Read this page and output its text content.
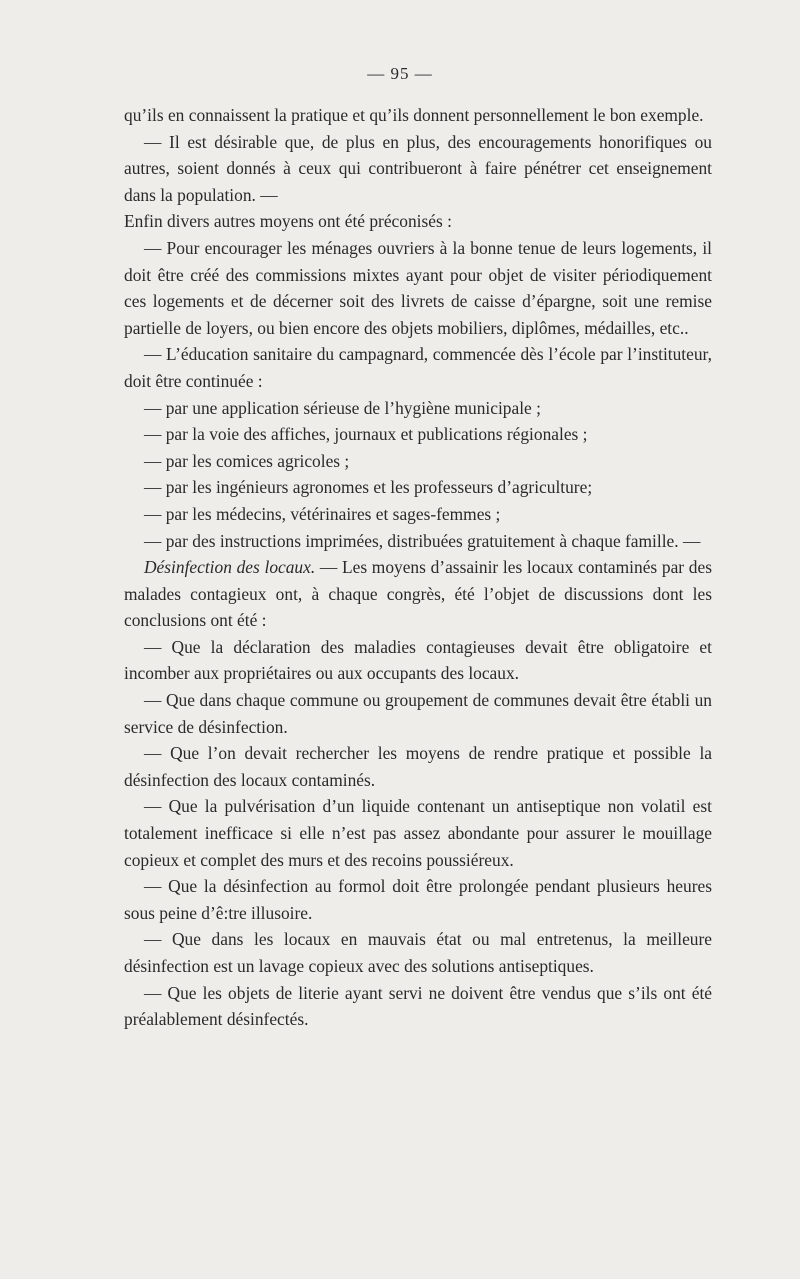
— 95 —

qu’ils en connaissent la pratique et qu’ils donnent personnellement le bon exemple.

— Il est désirable que, de plus en plus, des encouragements honorifiques ou autres, soient donnés à ceux qui contribueront à faire pénétrer cet enseignement dans la population. —

Enfin divers autres moyens ont été préconisés :

— Pour encourager les ménages ouvriers à la bonne tenue de leurs logements, il doit être créé des commissions mixtes ayant pour objet de visiter périodiquement ces logements et de décerner soit des livrets de caisse d’épargne, soit une remise partielle de loyers, ou bien encore des objets mobiliers, diplômes, médailles, etc..

— L’éducation sanitaire du campagnard, commencée dès l’école par l’instituteur, doit être continuée :

— par une application sérieuse de l’hygiène municipale ;

— par la voie des affiches, journaux et publications régionales ;

— par les comices agricoles ;

— par les ingénieurs agronomes et les professeurs d’agriculture;

— par les médecins, vétérinaires et sages-femmes ;

— par des instructions imprimées, distribuées gratuitement à chaque famille. —

Désinfection des locaux. — Les moyens d’assainir les locaux contaminés par des malades contagieux ont, à chaque congrès, été l’objet de discussions dont les conclusions ont été :

— Que la déclaration des maladies contagieuses devait être obligatoire et incomber aux propriétaires ou aux occupants des locaux.

— Que dans chaque commune ou groupement de communes devait être établi un service de désinfection.

— Que l’on devait rechercher les moyens de rendre pratique et possible la désinfection des locaux contaminés.

— Que la pulvérisation d’un liquide contenant un antiseptique non volatil est totalement inefficace si elle n’est pas assez abondante pour assurer le mouillage copieux et complet des murs et des recoins poussiéreux.

— Que la désinfection au formol doit être prolongée pendant plusieurs heures sous peine d’ê:tre illusoire.

— Que dans les locaux en mauvais état ou mal entretenus, la meilleure désinfection est un lavage copieux avec des solutions antiseptiques.

— Que les objets de literie ayant servi ne doivent être vendus que s’ils ont été préalablement désinfectés.
